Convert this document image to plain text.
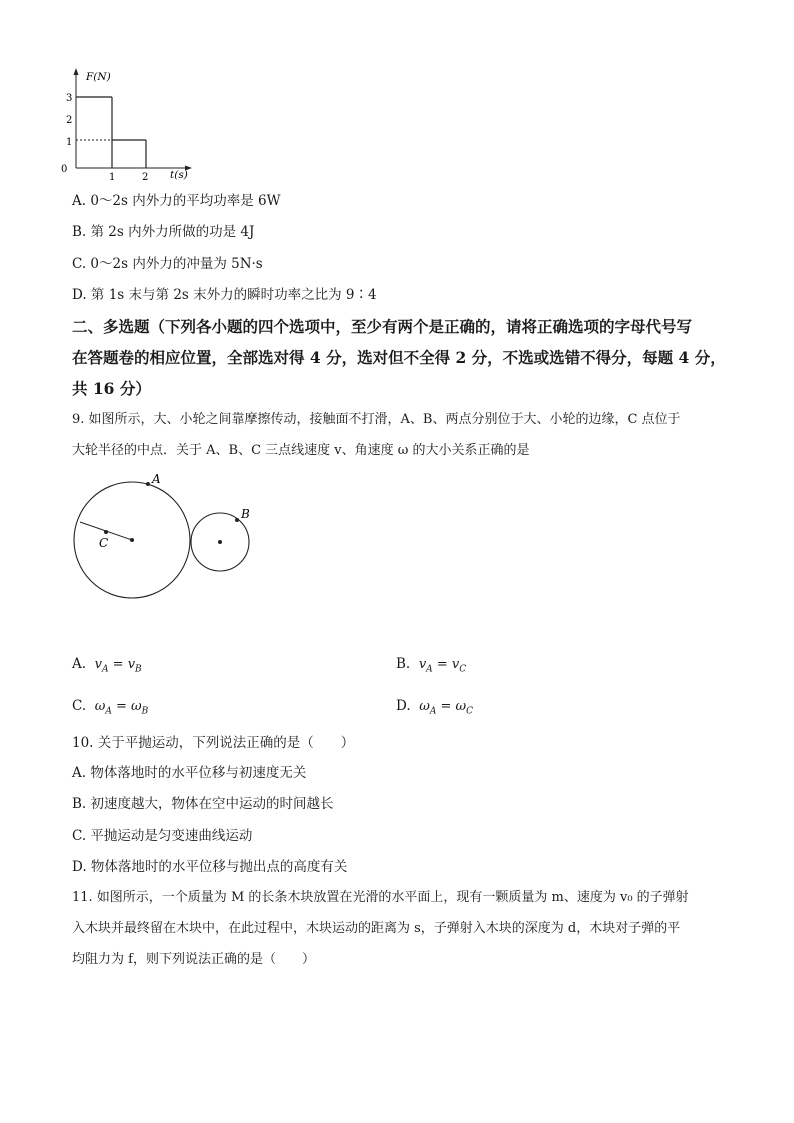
F(N)
t(s)
3
2
1
0
1	2
A. 0～2s 内外力的平均功率是 6W
B. 第 2s 内外力所做的功是 4J
C. 0～2s 内外力的冲量为 5N·s
D. 第 1s 末与第 2s 末外力的瞬时功率之比为 9∶4
二、多选题（下列各小题的四个选项中，至少有两个是正确的，请将正确选项的字母代号写
在答题卷的相应位置，全部选对得 4 分，选对但不全得 2 分，不选或选错不得分，每题 4 分，
共 16 分）
9. 如图所示，大、小轮之间靠摩擦传动，接触面不打滑，A、B、两点分别位于大、小轮的边缘，C 点位于
大轮半径的中点．关于 A、B、C 三点线速度 v、角速度 ω 的大小关系正确的是
A
B
C
A. $v_A = v_B$	B. $v_A = v_C$
C. $\omega_A = \omega_B$	D. $\omega_A = \omega_C$
10. 关于平抛运动，下列说法正确的是（　　）
A. 物体落地时的水平位移与初速度无关
B. 初速度越大，物体在空中运动的时间越长
C. 平抛运动是匀变速曲线运动
D. 物体落地时的水平位移与抛出点的高度有关
11. 如图所示，一个质量为 M 的长条木块放置在光滑的水平面上，现有一颗质量为 m、速度为 v₀ 的子弹射
入木块并最终留在木块中，在此过程中，木块运动的距离为 s，子弹射入木块的深度为 d，木块对子弹的平
均阻力为 f，则下列说法正确的是（　　）
